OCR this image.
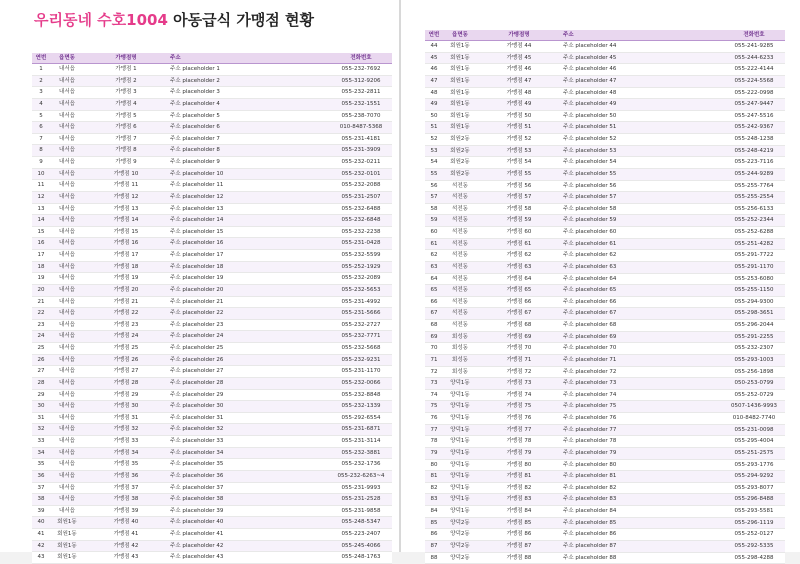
우리동네 수호1004 아동급식 가맹점 현황
연번	읍면동	가맹점명	주소	전화번호
1	내서읍	가맹점 1	주소 placeholder 1	055-232-7692
2	내서읍	가맹점 2	주소 placeholder 2	055-312-9206
3	내서읍	가맹점 3	주소 placeholder 3	055-232-2811
4	내서읍	가맹점 4	주소 placeholder 4	055-232-1551
5	내서읍	가맹점 5	주소 placeholder 5	055-238-7070
6	내서읍	가맹점 6	주소 placeholder 6	010-8487-5368
7	내서읍	가맹점 7	주소 placeholder 7	055-231-4181
8	내서읍	가맹점 8	주소 placeholder 8	055-231-3909
9	내서읍	가맹점 9	주소 placeholder 9	055-232-0211
10	내서읍	가맹점 10	주소 placeholder 10	055-232-0101
11	내서읍	가맹점 11	주소 placeholder 11	055-232-2088
12	내서읍	가맹점 12	주소 placeholder 12	055-231-2507
13	내서읍	가맹점 13	주소 placeholder 13	055-232-6488
14	내서읍	가맹점 14	주소 placeholder 14	055-232-6848
15	내서읍	가맹점 15	주소 placeholder 15	055-232-2238
16	내서읍	가맹점 16	주소 placeholder 16	055-231-0428
17	내서읍	가맹점 17	주소 placeholder 17	055-232-5599
18	내서읍	가맹점 18	주소 placeholder 18	055-252-1929
19	내서읍	가맹점 19	주소 placeholder 19	055-232-2089
20	내서읍	가맹점 20	주소 placeholder 20	055-232-5653
21	내서읍	가맹점 21	주소 placeholder 21	055-231-4992
22	내서읍	가맹점 22	주소 placeholder 22	055-231-5666
23	내서읍	가맹점 23	주소 placeholder 23	055-232-2727
24	내서읍	가맹점 24	주소 placeholder 24	055-232-7771
25	내서읍	가맹점 25	주소 placeholder 25	055-232-5668
26	내서읍	가맹점 26	주소 placeholder 26	055-232-9231
27	내서읍	가맹점 27	주소 placeholder 27	055-231-1170
28	내서읍	가맹점 28	주소 placeholder 28	055-232-0066
29	내서읍	가맹점 29	주소 placeholder 29	055-232-8848
30	내서읍	가맹점 30	주소 placeholder 30	055-232-1339
31	내서읍	가맹점 31	주소 placeholder 31	055-292-6554
32	내서읍	가맹점 32	주소 placeholder 32	055-231-6871
33	내서읍	가맹점 33	주소 placeholder 33	055-231-3114
34	내서읍	가맹점 34	주소 placeholder 34	055-232-3881
35	내서읍	가맹점 35	주소 placeholder 35	055-232-1736
36	내서읍	가맹점 36	주소 placeholder 36	055-232-6263~4
37	내서읍	가맹점 37	주소 placeholder 37	055-231-9993
38	내서읍	가맹점 38	주소 placeholder 38	055-231-2528
39	내서읍	가맹점 39	주소 placeholder 39	055-231-9858
40	회원1동	가맹점 40	주소 placeholder 40	055-248-5347
41	회원1동	가맹점 41	주소 placeholder 41	055-223-2407
42	회원1동	가맹점 42	주소 placeholder 42	055-245-4066
43	회원1동	가맹점 43	주소 placeholder 43	055-248-1763
연번	읍면동	가맹점명	주소	전화번호
44	회원1동	가맹점 44	주소 placeholder 44	055-241-9285
45	회원1동	가맹점 45	주소 placeholder 45	055-244-6233
46	회원1동	가맹점 46	주소 placeholder 46	055-222-4144
47	회원1동	가맹점 47	주소 placeholder 47	055-224-5568
48	회원1동	가맹점 48	주소 placeholder 48	055-222-0998
49	회원1동	가맹점 49	주소 placeholder 49	055-247-9447
50	회원1동	가맹점 50	주소 placeholder 50	055-247-5516
51	회원1동	가맹점 51	주소 placeholder 51	055-242-9367
52	회원2동	가맹점 52	주소 placeholder 52	055-248-1238
53	회원2동	가맹점 53	주소 placeholder 53	055-248-4219
54	회원2동	가맹점 54	주소 placeholder 54	055-223-7116
55	회원2동	가맹점 55	주소 placeholder 55	055-244-9289
56	석전동	가맹점 56	주소 placeholder 56	055-255-7764
57	석전동	가맹점 57	주소 placeholder 57	055-255-2554
58	석전동	가맹점 58	주소 placeholder 58	055-256-6133
59	석전동	가맹점 59	주소 placeholder 59	055-252-2344
60	석전동	가맹점 60	주소 placeholder 60	055-252-6288
61	석전동	가맹점 61	주소 placeholder 61	055-251-4282
62	석전동	가맹점 62	주소 placeholder 62	055-291-7722
63	석전동	가맹점 63	주소 placeholder 63	055-291-1170
64	석전동	가맹점 64	주소 placeholder 64	055-253-6080
65	석전동	가맹점 65	주소 placeholder 65	055-255-1150
66	석전동	가맹점 66	주소 placeholder 66	055-294-9300
67	석전동	가맹점 67	주소 placeholder 67	055-298-3651
68	석전동	가맹점 68	주소 placeholder 68	055-296-2044
69	회성동	가맹점 69	주소 placeholder 69	055-291-2255
70	회성동	가맹점 70	주소 placeholder 70	055-232-2307
71	회성동	가맹점 71	주소 placeholder 71	055-293-1003
72	회성동	가맹점 72	주소 placeholder 72	055-256-1898
73	양덕1동	가맹점 73	주소 placeholder 73	050-253-0799
74	양덕1동	가맹점 74	주소 placeholder 74	055-252-0729
75	양덕1동	가맹점 75	주소 placeholder 75	0507-1436-9993
76	양덕1동	가맹점 76	주소 placeholder 76	010-8482-7740
77	양덕1동	가맹점 77	주소 placeholder 77	055-231-0098
78	양덕1동	가맹점 78	주소 placeholder 78	055-295-4004
79	양덕1동	가맹점 79	주소 placeholder 79	055-251-2575
80	양덕1동	가맹점 80	주소 placeholder 80	055-293-1776
81	양덕1동	가맹점 81	주소 placeholder 81	055-294-9292
82	양덕1동	가맹점 82	주소 placeholder 82	055-293-8077
83	양덕1동	가맹점 83	주소 placeholder 83	055-296-8488
84	양덕1동	가맹점 84	주소 placeholder 84	055-293-5581
85	양덕2동	가맹점 85	주소 placeholder 85	055-296-1119
86	양덕2동	가맹점 86	주소 placeholder 86	055-252-0127
87	양덕2동	가맹점 87	주소 placeholder 87	055-292-5335
88	양덕2동	가맹점 88	주소 placeholder 88	055-298-4288
